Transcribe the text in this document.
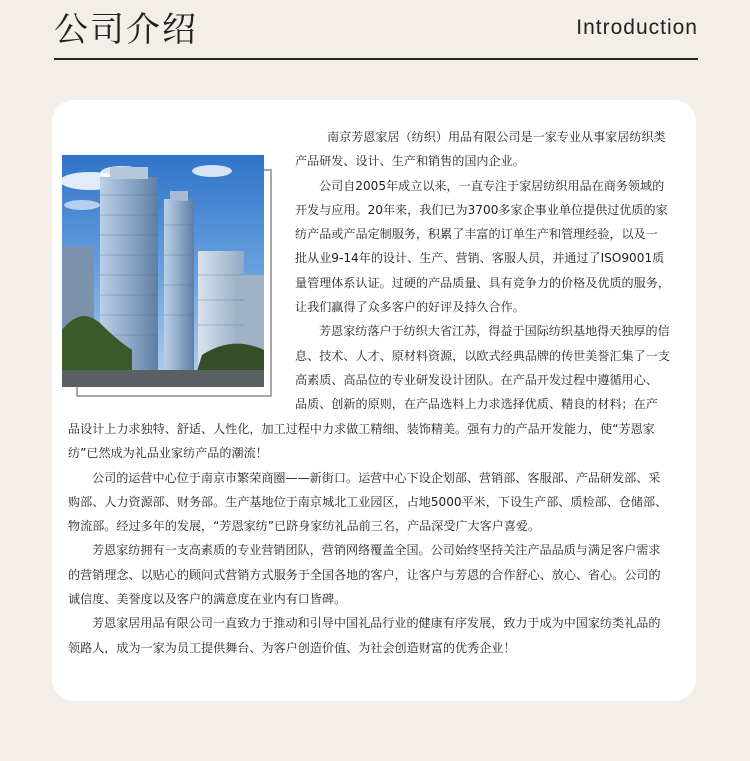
公司介绍	Introduction
南京芳恩家居（纺织）用品有限公司是一家专业从事家居纺织类
产品研发、设计、生产和销售的国内企业。
公司自2005年成立以来，一直专注于家居纺织用品在商务领域的
开发与应用。20年来，我们已为3700多家企事业单位提供过优质的家
纺产品或产品定制服务，积累了丰富的订单生产和管理经验，以及一
批从业9-14年的设计、生产、营销、客服人员，并通过了ISO9001质
量管理体系认证。过硬的产品质量、具有竞争力的价格及优质的服务，
让我们赢得了众多客户的好评及持久合作。
芳恩家纺落户于纺织大省江苏，得益于国际纺织基地得天独厚的信
息、技术、人才、原材料资源，以欧式经典品牌的传世美誉汇集了一支
高素质、高品位的专业研发设计团队。在产品开发过程中遵循用心、
品质、创新的原则，在产品选料上力求选择优质、精良的材料；在产
品设计上力求独特、舒适、人性化，加工过程中力求做工精细、装饰精美。强有力的产品开发能力，使“芳恩家
纺”已然成为礼品业家纺产品的潮流！
公司的运营中心位于南京市繁荣商圈——新街口。运营中心下设企划部、营销部、客服部、产品研发部、采
购部、人力资源部、财务部。生产基地位于南京城北工业园区，占地5000平米，下设生产部、质检部、仓储部、
物流部。经过多年的发展，“芳恩家纺”已跻身家纺礼品前三名，产品深受广大客户喜爱。
芳恩家纺拥有一支高素质的专业营销团队，营销网络覆盖全国。公司始终坚持关注产品品质与满足客户需求
的营销理念、以贴心的顾问式营销方式服务于全国各地的客户，让客户与芳恩的合作舒心、放心、省心。公司的
诚信度、美誉度以及客户的满意度在业内有口皆碑。
芳恩家居用品有限公司一直致力于推动和引导中国礼品行业的健康有序发展，致力于成为中国家纺类礼品的
领路人，成为一家为员工提供舞台、为客户创造价值、为社会创造财富的优秀企业！
